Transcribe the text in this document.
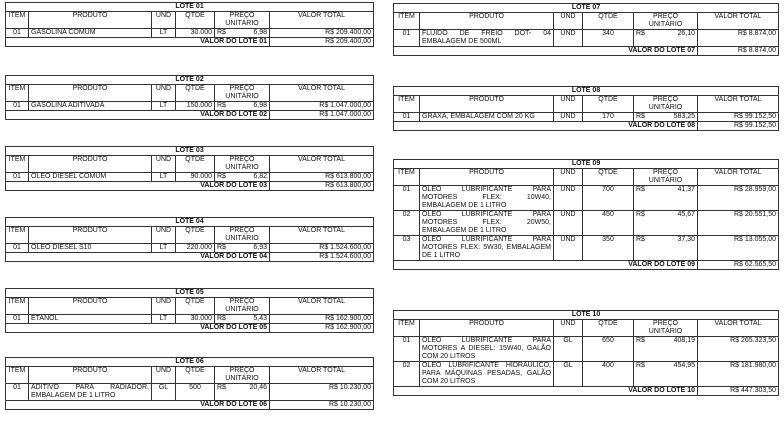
LOTE 01					
ITEM	PRODUTO	UND	QTDE	PREÇO UNITÁRIO	VALOR TOTAL
01	GASOLINA COMUM	LT	30.000	R$ 6,98	R$ 209.400,00
VALOR DO LOTE 01					R$ 209.400,00
LOTE 02					
ITEM	PRODUTO	UND	QTDE	PREÇO UNITÁRIO	VALOR TOTAL
01	GASOLINA ADITIVADA	LT	150.000	R$ 6,98	R$ 1.047.000,00
VALOR DO LOTE 02					R$ 1.047.000,00
LOTE 03					
ITEM	PRODUTO	UND	QTDE	PREÇO UNITÁRIO	VALOR TOTAL
01	ÓLEO DIESEL COMUM	LT	90.000	R$ 6,82	R$ 613.800,00
VALOR DO LOTE 03					R$ 613.800,00
LOTE 04					
ITEM	PRODUTO	UND	QTDE	PREÇO UNITÁRIO	VALOR TOTAL
01	OLEO DIESEL S10	LT	220.000	R$ 6,93	R$ 1.524.600,00
VALOR DO LOTE 04					R$ 1.524.600,00
LOTE 05					
ITEM	PRODUTO	UND	QTDE	PREÇO UNITÁRIO	VALOR TOTAL
01	ETANOL	LT	30.000	R$ 5,43	R$ 162.900,00
VALOR DO LOTE 05					R$ 162.900,00
LOTE 06					
ITEM	PRODUTO	UND	QTDE	PREÇO UNITÁRIO	VALOR TOTAL
01	ADITIVO PARA RADIADOR, EMBALAGEM DE 1 LITRO	GL	500	R$ 20,46	R$ 10.230,00
VALOR DO LOTE 06					R$ 10.230,00
LOTE 07					
ITEM	PRODUTO	UND	QTDE	PREÇO UNITÁRIO	VALOR TOTAL
01	FLUIDO DE FREIO DOT- 04 EMBALAGEM DE 500ML	UND	340	R$ 26,10	R$ 8.874,00
VALOR DO LOTE 07					R$ 8.874,00
LOTE 08					
ITEM	PRODUTO	UND	QTDE	PREÇO UNITÁRIO	VALOR TOTAL
01	GRAXA, EMBALAGEM COM 20 KG	UND	170	R$ 583,25	R$ 99.152,50
VALOR DO LOTE 08					R$ 99.152,50
LOTE 09					
ITEM	PRODUTO	UND	QTDE	PREÇO UNITÁRIO	VALOR TOTAL
01	OLEO LUBRIFICANTE PARA MOTORES FLEX: 10W40, EMBALAGEM DE 1 LITRO	UND	700	R$ 41,37	R$ 28.959,00
02	OLEO LUBRIFICANTE PARA MOTORES FLEX: 20W50, EMBALAGEM DE 1 LITRO	UND	450	R$ 45,67	R$ 20.551,50
03	OLEO LUBRIFICANTE PARA MOTORES FLEX: 5W30, EMBALAGEM DE 1 LITRO	UND	350	R$ 37,30	R$ 13.055,00
VALOR DO LOTE 09					R$ 62.565,50
LOTE 10					
ITEM	PRODUTO	UND	QTDE	PREÇO UNITÁRIO	VALOR TOTAL
01	OLEO LUBRIFICANTE PARA MOTORES A DIESEL: 15W40, GALÃO COM 20 LITROS	GL	650	R$ 408,19	R$ 265.323,50
02	OLEO LUBRIFICANTE HIDRÁULICO, PARA MÁQUINAS PESADAS, GALÃO COM 20 LITROS	GL	400	R$ 454,95	R$ 181.980,00
VALOR DO LOTE 10					R$ 447.303,50
